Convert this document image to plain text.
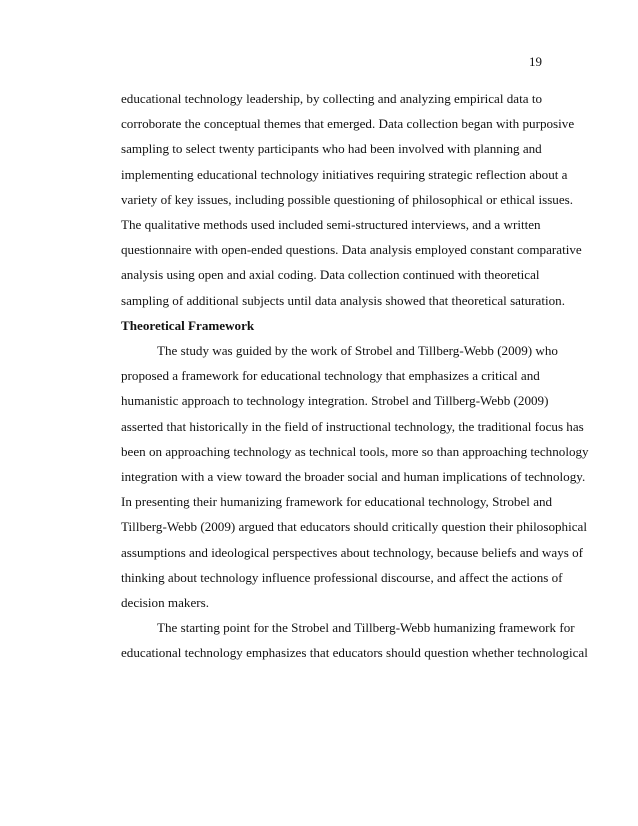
19
educational technology leadership, by collecting and analyzing empirical data to
corroborate the conceptual themes that emerged. Data collection began with purposive
sampling to select twenty participants who had been involved with planning and
implementing educational technology initiatives requiring strategic reflection about a
variety of key issues, including possible questioning of philosophical or ethical issues.
The qualitative methods used included semi-structured interviews, and a written
questionnaire with open-ended questions. Data analysis employed constant comparative
analysis using open and axial coding. Data collection continued with theoretical
sampling of additional subjects until data analysis showed that theoretical saturation.
Theoretical Framework
The study was guided by the work of Strobel and Tillberg-Webb (2009) who
proposed a framework for educational technology that emphasizes a critical and
humanistic approach to technology integration. Strobel and Tillberg-Webb (2009)
asserted that historically in the field of instructional technology, the traditional focus has
been on approaching technology as technical tools, more so than approaching technology
integration with a view toward the broader social and human implications of technology.
In presenting their humanizing framework for educational technology, Strobel and
Tillberg-Webb (2009) argued that educators should critically question their philosophical
assumptions and ideological perspectives about technology, because beliefs and ways of
thinking about technology influence professional discourse, and affect the actions of
decision makers.
The starting point for the Strobel and Tillberg-Webb humanizing framework for
educational technology emphasizes that educators should question whether technological
